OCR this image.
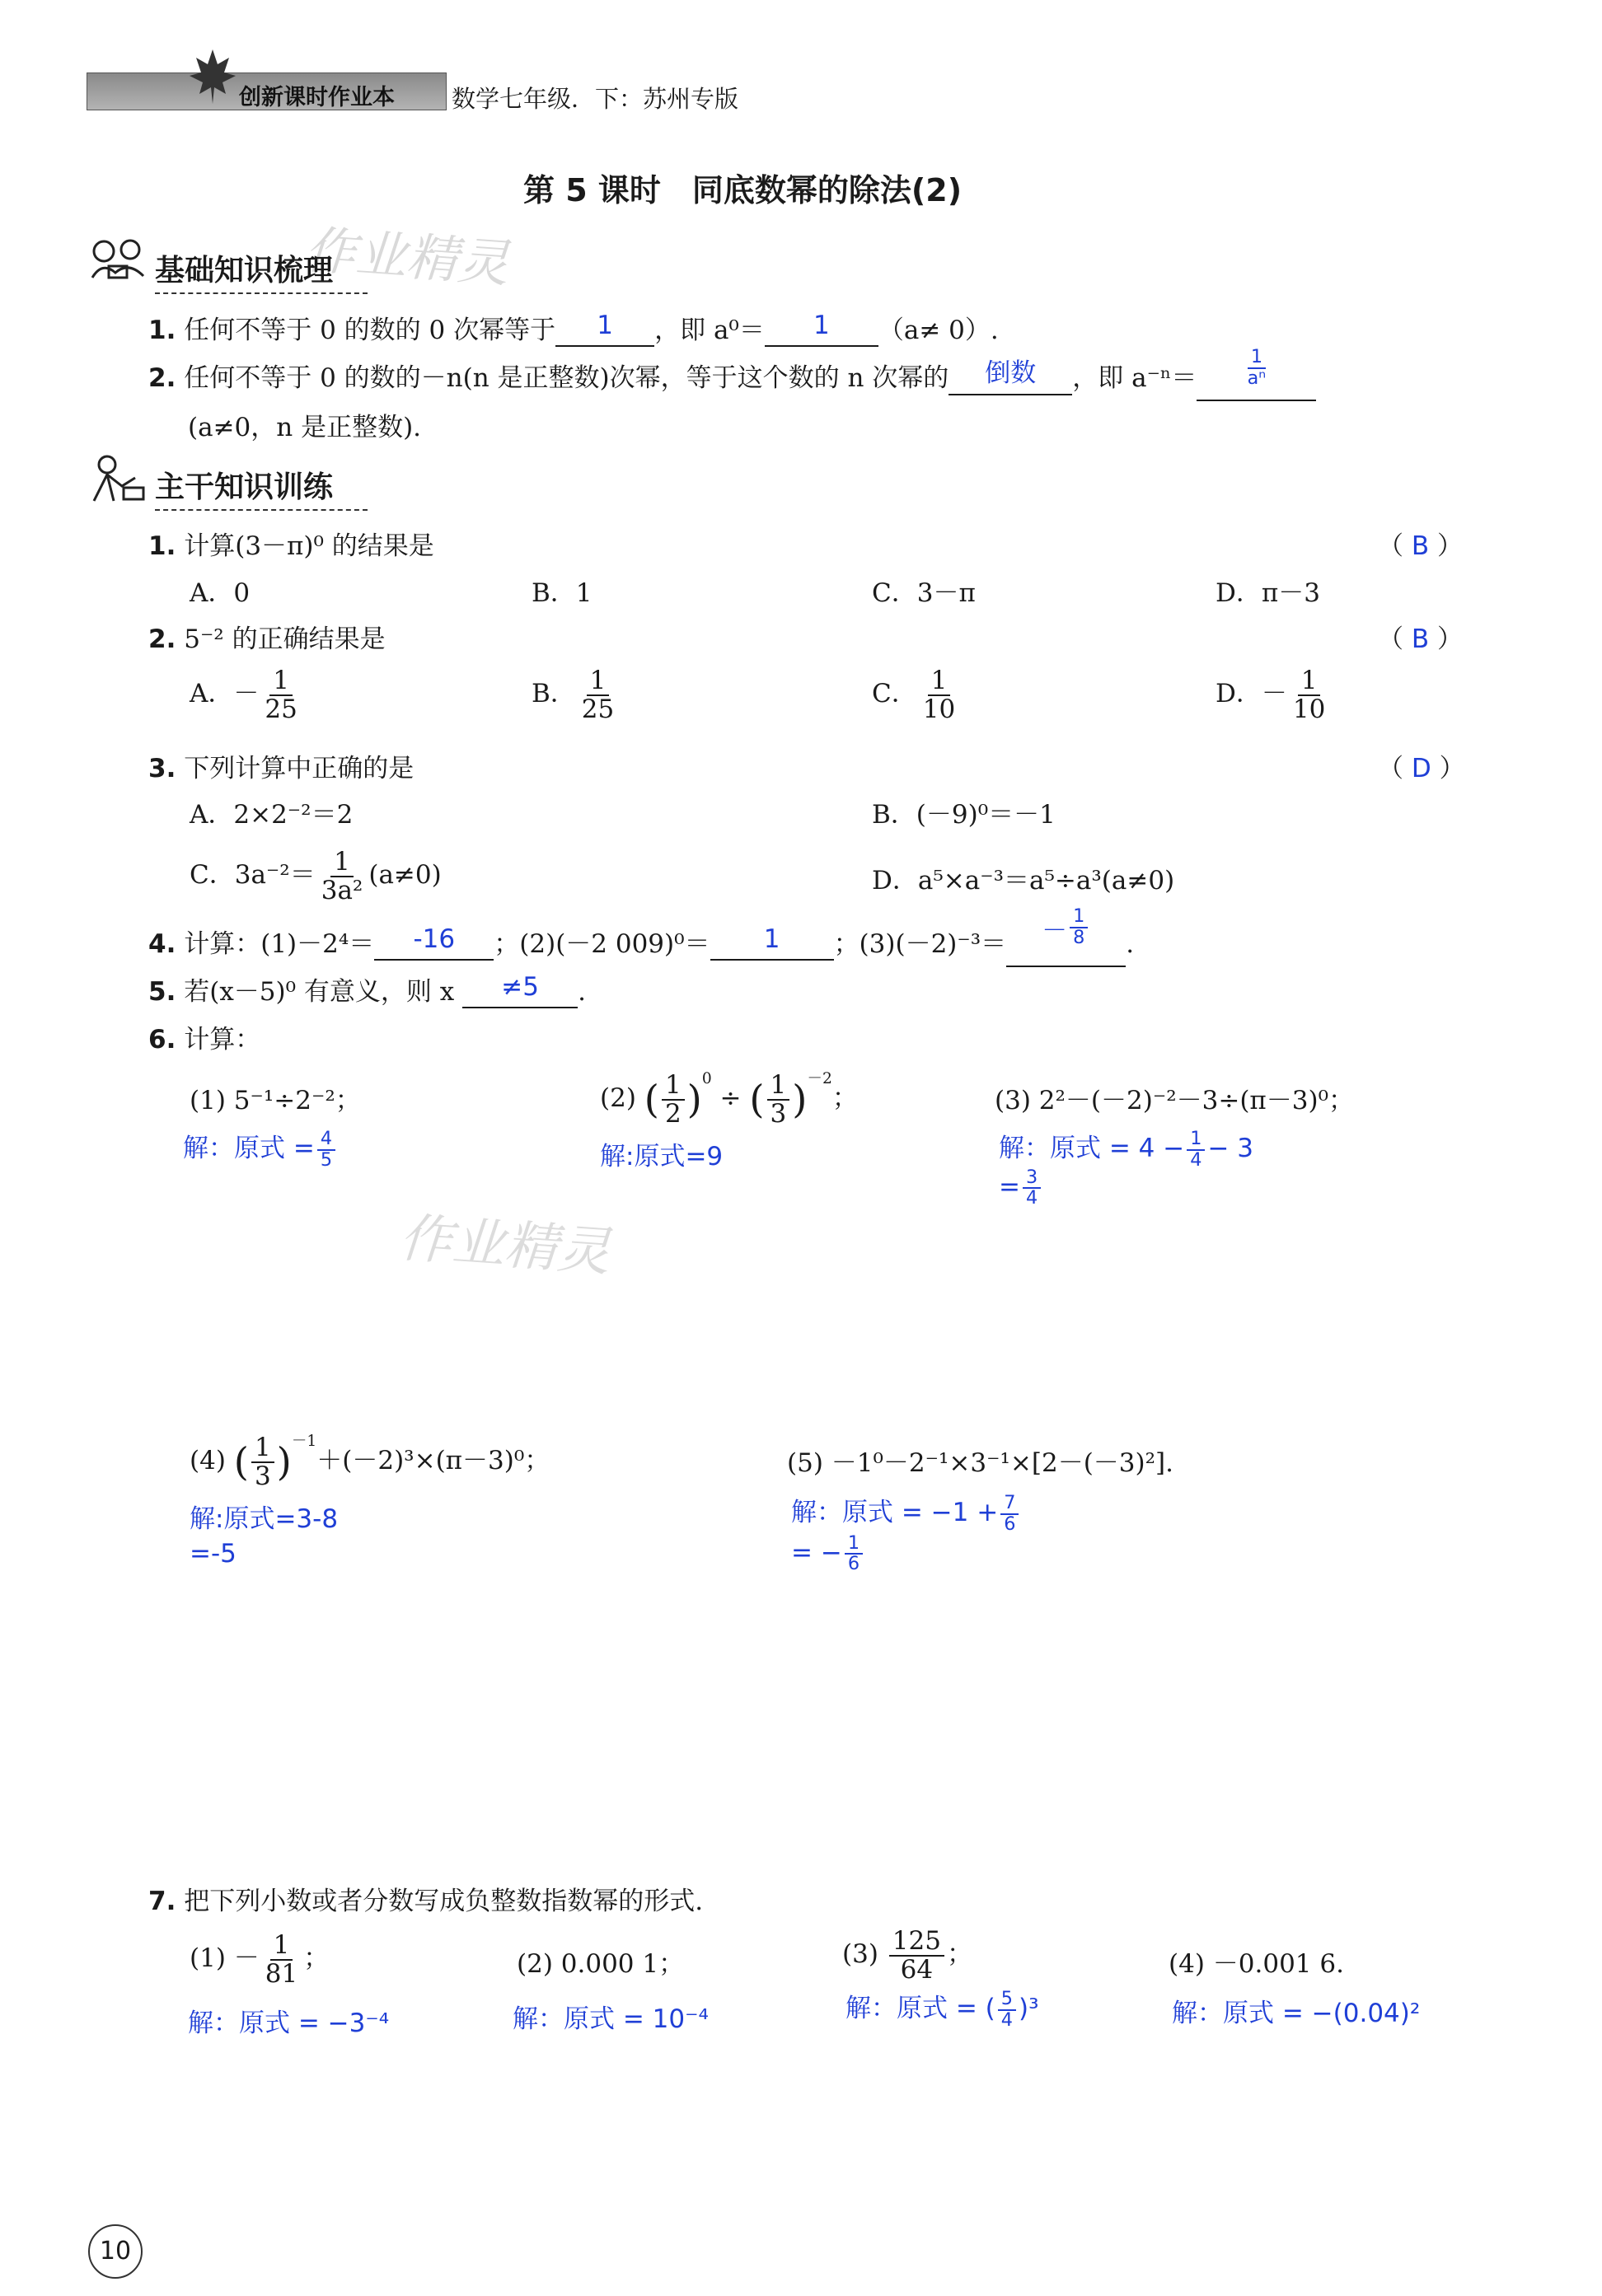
创新课时作业本 数学七年级．下：苏州专版
第 5 课时　同底数幂的除法(2)
作业精灵
作业精灵
基础知识梳理
1. 任何不等于 0 的数的 0 次幂等于 1 ，即 a⁰＝ 1 （a≠ 0）.
2. 任何不等于 0 的数的－n(n 是正整数)次幂，等于这个数的 n 次幂的 倒数 ，即 a⁻ⁿ＝	$\frac{1}{\text{aⁿ}}$
(a≠0，n 是正整数).
主干知识训练
1. 计算(3－π)⁰ 的结果是	（ B ）
A．0	B．1	C．3－π	D．π－3
2. 5⁻² 的正确结果是	（ B ）
A．－ $\frac{1}{25}$	B． $\frac{1}{25}$	C． $\frac{1}{10}$	D．－ $\frac{1}{10}$
3. 下列计算中正确的是	（ D ）
A．2×2⁻²＝2	B．(－9)⁰＝－1
C．$3a^{-2}= \frac{1}{\text{3a²}} (a\ne 0)$	D．a⁵×a⁻³＝a⁵÷a³(a≠0)
4. 计算：(1)－2⁴＝ -16 ；(2)(－2 009)⁰＝ 1 ；$(3)(-2)^{-3}= - \frac{1}{8}$ .
5. 若(x－5)⁰ 有意义，则 x ≠5 .
6. 计算：
(1) 5⁻¹÷2⁻²；
解：原式 = $\frac{4}{5}$
(2) ( $\frac{1}{2} )^0$ ÷ ( $\frac{1}{3} )^{-2}$；
解:原式=9
(3) 2²－(－2)⁻²－3÷(π－3)⁰；
解：原式 = $4 - \frac{1}{4} - 3$
= $\frac{3}{4}$
(4) ( $\frac{1}{3} )^{-1}+(-2)^3\times(\pi-3)^0$；
解:原式=3-8
=-5
(5) －1⁰－2⁻¹×3⁻¹×[2－(－3)²].
解：原式 = $-1 + \frac{7}{6}$
= − $\frac{1}{6}$
7. 把下列小数或者分数写成负整数指数幂的形式.
$(1) - \frac{1}{81}$ ；
解：原式 = −3⁻⁴
(2) 0.000 1；
解：原式 = 10⁻⁴
$(3) \frac{125}{64}$ ；
解：原式 = ( $\frac{5}{4} )^3$
(4) －0.001 6.
解：原式 = −(0.04)²
10
